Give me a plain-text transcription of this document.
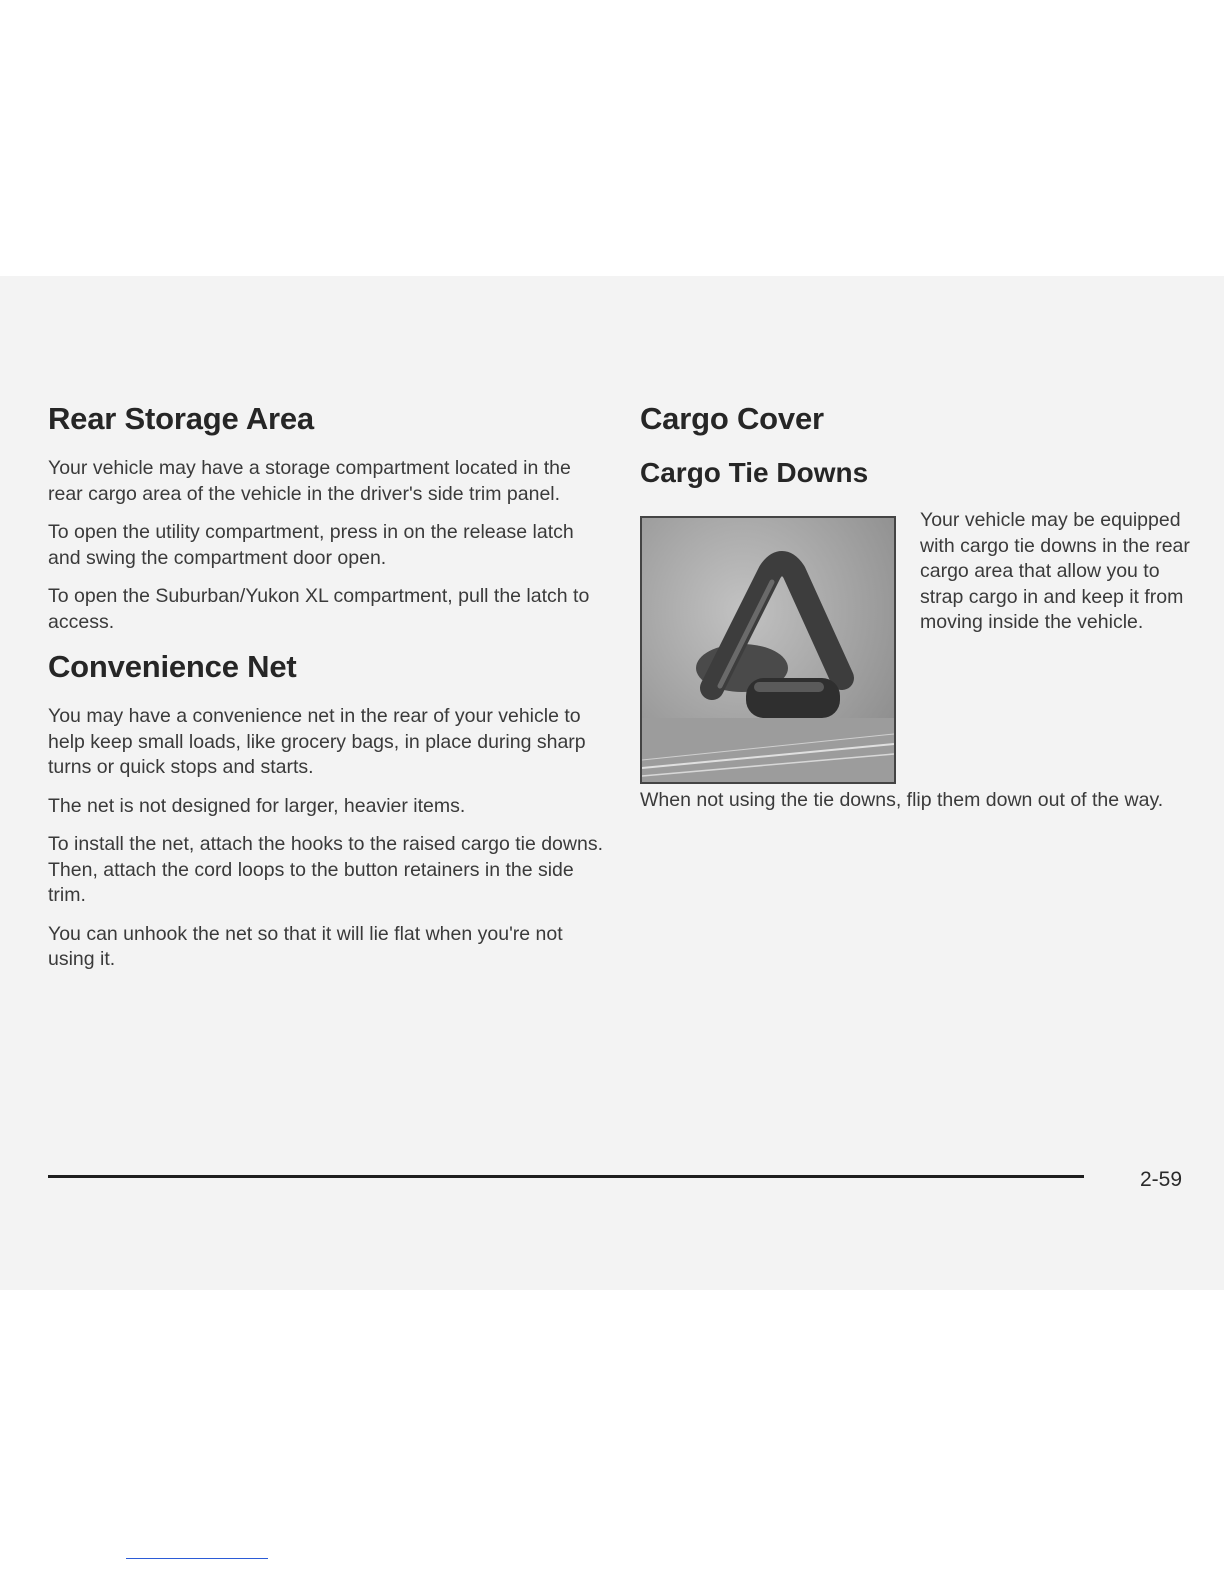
Rear Storage Area

Your vehicle may have a storage compartment located in the rear cargo area of the vehicle in the driver's side trim panel.

To open the utility compartment, press in on the release latch and swing the compartment door open.

To open the Suburban/Yukon XL compartment, pull the latch to access.

Convenience Net

You may have a convenience net in the rear of your vehicle to help keep small loads, like grocery bags, in place during sharp turns or quick stops and starts.

The net is not designed for larger, heavier items.

To install the net, attach the hooks to the raised cargo tie downs. Then, attach the cord loops to the button retainers in the side trim.

You can unhook the net so that it will lie flat when you're not using it.

Cargo Cover
Cargo Tie Downs

Your vehicle may be equipped with cargo tie downs in the rear cargo area that allow you to strap cargo in and keep it from moving inside the vehicle.

When not using the tie downs, flip them down out of the way.

2-59
